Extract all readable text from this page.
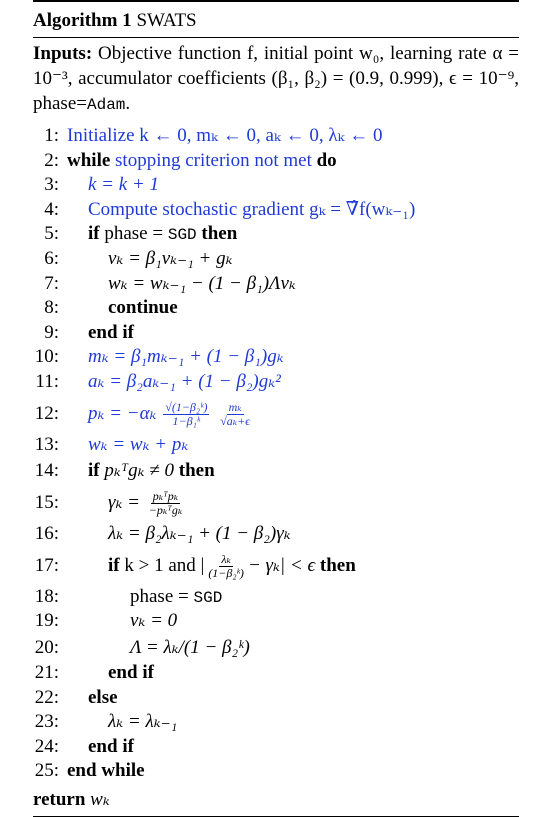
Algorithm 1 SWATS
Inputs: Objective function f, initial point w₀, learning rate α = 10⁻³, accumulator coefficients (β₁, β₂) = (0.9, 0.999), ϵ = 10⁻⁹, phase=Adam.
1: Initialize k ← 0, mₖ ← 0, aₖ ← 0, λₖ ← 0
2: while stopping criterion not met do
3: k = k + 1
4: Compute stochastic gradient gₖ = ∇̂f(wₖ₋₁)
5: if phase = SGD then
6:	vₖ = β₁vₖ₋₁ + gₖ
7:	wₖ = wₖ₋₁ − (1 − β₁)Λvₖ
8:	continue
9: end if
10: mₖ = β₁mₖ₋₁ + (1 − β₁)gₖ
11: aₖ = β₂aₖ₋₁ + (1 − β₂)gₖ²
12: $p_k = -\alpha_k \frac{\text{√(1−β₂ᵏ)}}{\text{1−β₁ᵏ}}$
$\frac{\text{mₖ}}{\text{√aₖ+ϵ}}$
13: wₖ = wₖ + pₖ
14: if pₖᵀgₖ ≠ 0 then
15:	$\gamma_k = \frac{\text{pₖᵀpₖ}}{\text{−pₖᵀgₖ}}$
16:	λₖ = β₂λₖ₋₁ + (1 − β₂)γₖ
17:	if k > 1 and | $\frac{\text{λₖ}}{\text{(1−β₂ᵏ)}} - \gamma_k| < \epsilon$ then
18:	phase = SGD
19:	vₖ = 0
20:	Λ = λₖ/(1 − β₂ᵏ)
21:	end if
22: else
23:	λₖ = λₖ₋₁
24: end if
25: end while
return wₖ
